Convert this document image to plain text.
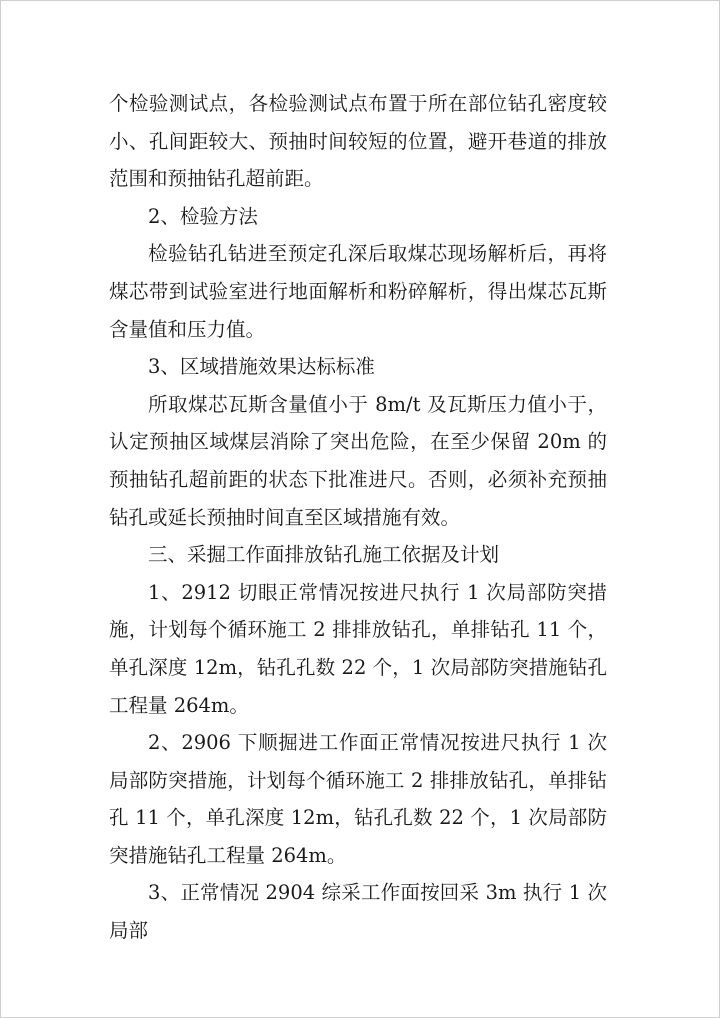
个检验测试点，各检验测试点布置于所在部位钻孔密度较小、孔间距较大、预抽时间较短的位置，避开巷道的排放范围和预抽钻孔超前距。

2、检验方法

检验钻孔钻进至预定孔深后取煤芯现场解析后，再将煤芯带到试验室进行地面解析和粉碎解析，得出煤芯瓦斯含量值和压力值。

3、区域措施效果达标标准

所取煤芯瓦斯含量值小于 8m/t 及瓦斯压力值小于，认定预抽区域煤层消除了突出危险，在至少保留 20m 的预抽钻孔超前距的状态下批准进尺。否则，必须补充预抽钻孔或延长预抽时间直至区域措施有效。

三、采掘工作面排放钻孔施工依据及计划

1、2912 切眼正常情况按进尺执行 1 次局部防突措施，计划每个循环施工 2 排排放钻孔，单排钻孔 11 个，单孔深度 12m，钻孔孔数 22 个，1 次局部防突措施钻孔工程量 264m。

2、2906 下顺掘进工作面正常情况按进尺执行 1 次局部防突措施，计划每个循环施工 2 排排放钻孔，单排钻孔 11 个，单孔深度 12m，钻孔孔数 22 个，1 次局部防突措施钻孔工程量 264m。

3、正常情况 2904 综采工作面按回采 3m 执行 1 次局部
